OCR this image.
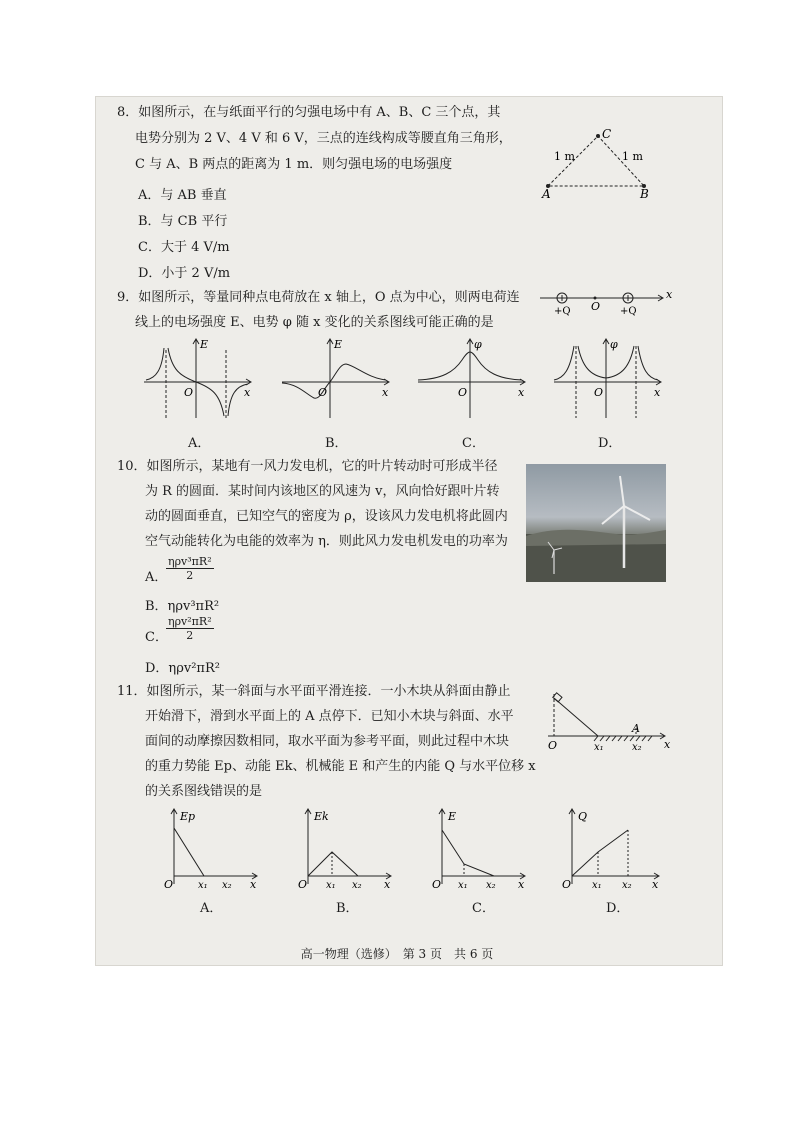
8．如图所示，在与纸面平行的匀强电场中有 A、B、C 三个点，其
电势分别为 2 V、4 V 和 6 V，三点的连线构成等腰直角三角形，
C 与 A、B 两点的距离为 1 m．则匀强电场的电场强度
A．与 AB 垂直
B．与 CB 平行
C．大于 4 V/m
D．小于 2 V/m
C
A	B
1 m	1 m
9．如图所示，等量同种点电荷放在 x 轴上，O 点为中心，则两电荷连
线上的电场强度 E、电势 φ 随 x 变化的关系图线可能正确的是
x
O
+Q	+Q
E
O	x
A．
E
O	x
B．
φ
O	x
C．
φ
O	x
D．
10．如图所示，某地有一风力发电机，它的叶片转动时可形成半径
为 R 的圆面．某时间内该地区的风速为 v，风向恰好跟叶片转
动的圆面垂直，已知空气的密度为 ρ，设该风力发电机将此圆内
空气动能转化为电能的效率为 η．则此风力发电机发电的功率为
A．
ηρv³πR²
2
B．ηρv³πR²
C．
ηρv²πR²
2
D．ηρv²πR²
11．如图所示，某一斜面与水平面平滑连接．一小木块从斜面由静止
开始滑下，滑到水平面上的 A 点停下．已知小木块与斜面、水平
面间的动摩擦因数相同，取水平面为参考平面，则此过程中木块
的重力势能 Ep、动能 Ek、机械能 E 和产生的内能 Q 与水平位移 x
的关系图线错误的是
O	x₁	x₂ x
A
Ep
O x₁ x₂ x
A．
Ek
O x₁ x₂ x
B．
E
O x₁ x₂ x
C．
Q
O x₁ x₂ x
D．
高一物理（选修）　第 3 页　共 6 页
